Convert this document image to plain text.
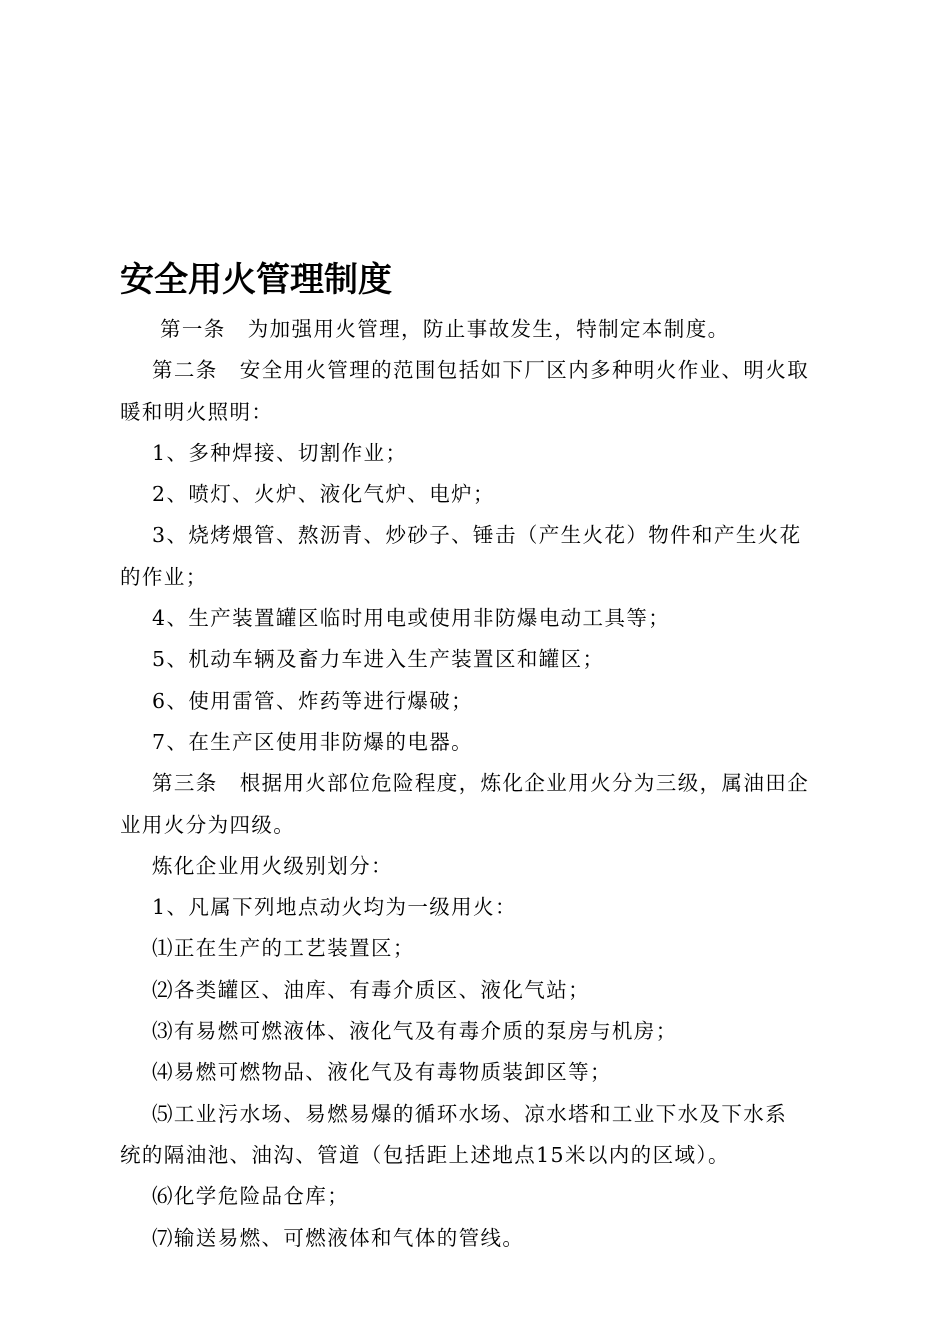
安全用火管理制度
第一条 为加强用火管理，防止事故发生，特制定本制度。
第二条 安全用火管理的范围包括如下厂区内多种明火作业、明火取
暖和明火照明：
1、多种焊接、切割作业；
2、喷灯、火炉、液化气炉、电炉；
3、烧烤煨管、熬沥青、炒砂子、锤击（产生火花）物件和产生火花
的作业；
4、生产装置罐区临时用电或使用非防爆电动工具等；
5、机动车辆及畜力车进入生产装置区和罐区；
6、使用雷管、炸药等进行爆破；
7、在生产区使用非防爆的电器。
第三条 根据用火部位危险程度，炼化企业用火分为三级，属油田企
业用火分为四级。
炼化企业用火级别划分：
1、凡属下列地点动火均为一级用火：
⑴正在生产的工艺装置区；
⑵各类罐区、油库、有毒介质区、液化气站；
⑶有易燃可燃液体、液化气及有毒介质的泵房与机房；
⑷易燃可燃物品、液化气及有毒物质装卸区等；
⑸工业污水场、易燃易爆的循环水场、凉水塔和工业下水及下水系
统的隔油池、油沟、管道（包括距上述地点15米以内的区域）。
⑹化学危险品仓库；
⑺输送易燃、可燃液体和气体的管线。
